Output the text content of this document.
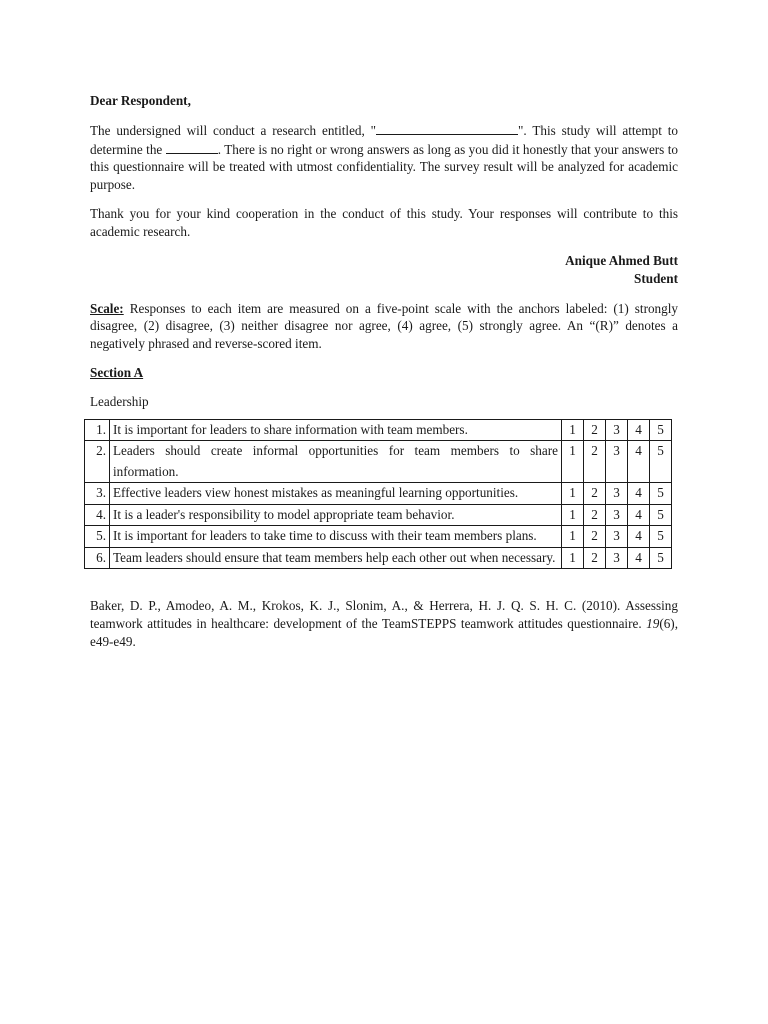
Dear Respondent,

The undersigned will conduct a research entitled, "	". This study will attempt to determine the	. There is no right or wrong answers as long as you did it honestly that your answers to this questionnaire will be treated with utmost confidentiality. The survey result will be analyzed for academic purpose.

Thank you for your kind cooperation in the conduct of this study. Your responses will contribute to this academic research.

Anique Ahmed Butt
Student

Scale: Responses to each item are measured on a five-point scale with the anchors labeled: (1) strongly disagree, (2) disagree, (3) neither disagree nor agree, (4) agree, (5) strongly agree. An “(R)” denotes a negatively phrased and reverse-scored item.

Section A
Leadership
1.	It is important for leaders to share information with team members.	1	2	3	4	5
2.	Leaders should create informal opportunities for team members to share information.	1	2	3	4	5
3.	Effective leaders view honest mistakes as meaningful learning opportunities.	1	2	3	4	5
4.	It is a leader's responsibility to model appropriate team behavior.	1	2	3	4	5
5.	It is important for leaders to take time to discuss with their team members plans.	1	2	3	4	5
6.	Team leaders should ensure that team members help each other out when necessary.	1	2	3	4	5

Baker, D. P., Amodeo, A. M., Krokos, K. J., Slonim, A., & Herrera, H. J. Q. S. H. C. (2010). Assessing teamwork attitudes in healthcare: development of the TeamSTEPPS teamwork attitudes questionnaire. 19(6), e49-e49.
